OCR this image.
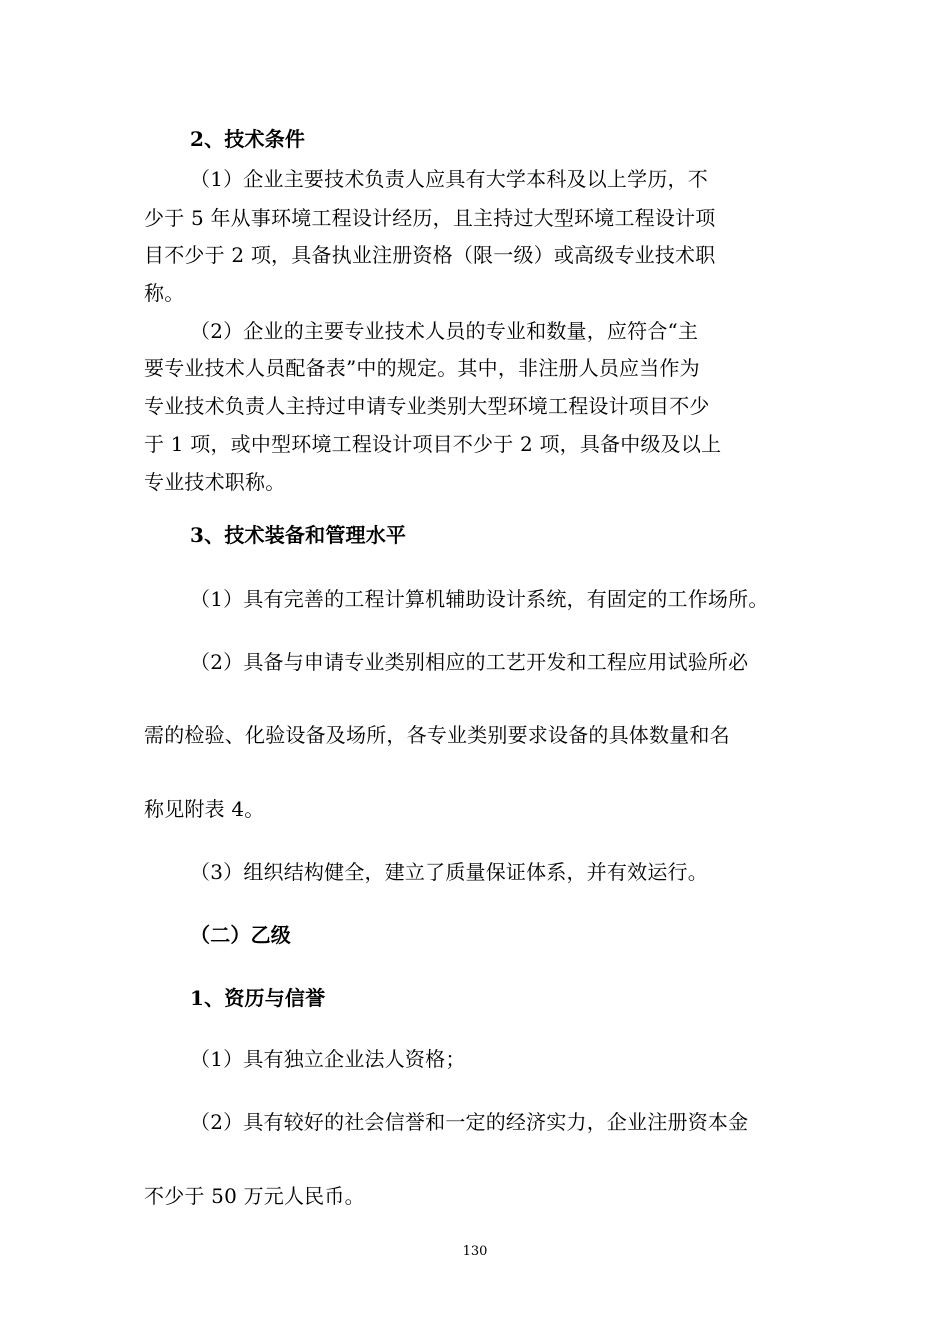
2、技术条件
（1）企业主要技术负责人应具有大学本科及以上学历，不
少于 5 年从事环境工程设计经历，且主持过大型环境工程设计项
目不少于 2 项，具备执业注册资格（限一级）或高级专业技术职
称。
（2）企业的主要专业技术人员的专业和数量，应符合“主
要专业技术人员配备表”中的规定。其中，非注册人员应当作为
专业技术负责人主持过申请专业类别大型环境工程设计项目不少
于 1 项，或中型环境工程设计项目不少于 2 项，具备中级及以上
专业技术职称。
3、技术装备和管理水平
（1）具有完善的工程计算机辅助设计系统，有固定的工作场所。
（2）具备与申请专业类别相应的工艺开发和工程应用试验所必
需的检验、化验设备及场所，各专业类别要求设备的具体数量和名
称见附表 4。
（3）组织结构健全，建立了质量保证体系，并有效运行。
（二）乙级
1、资历与信誉
（1）具有独立企业法人资格；
（2）具有较好的社会信誉和一定的经济实力，企业注册资本金
不少于 50 万元人民币。
130
